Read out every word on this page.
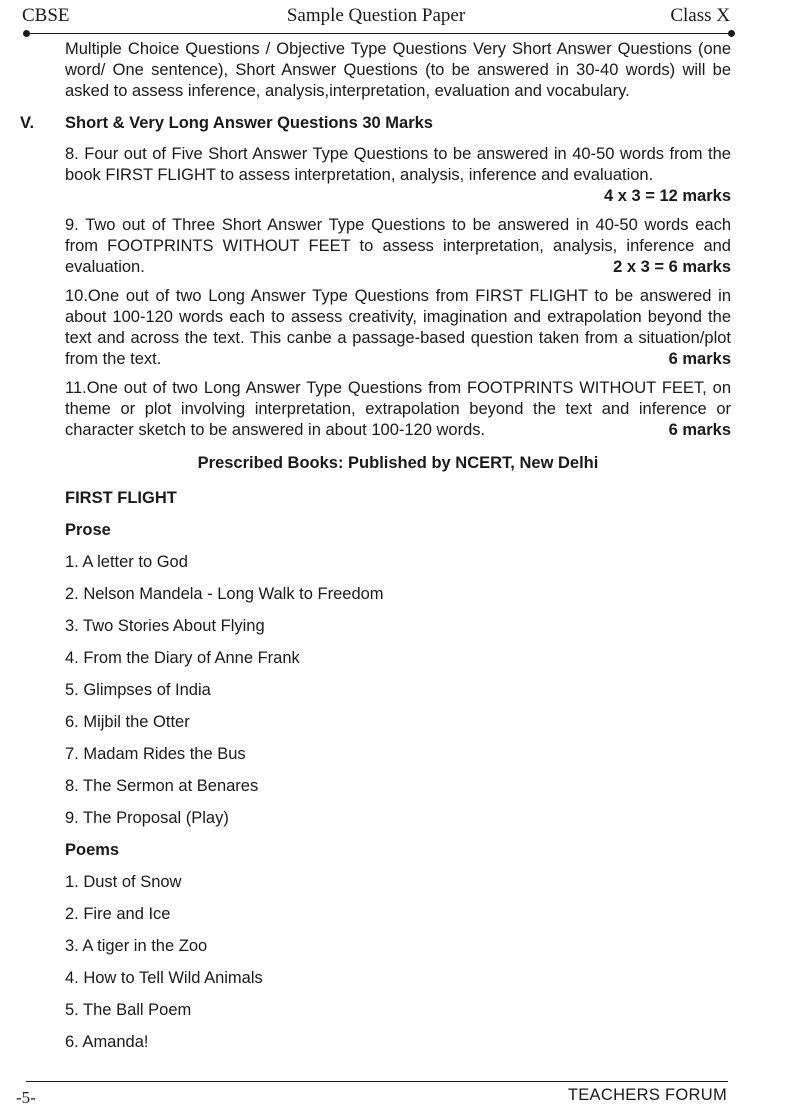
CBSE	Sample Question Paper	Class X

Multiple Choice Questions / Objective Type Questions Very Short Answer Questions (one word/ One sentence), Short Answer Questions (to be answered in 30-40 words) will be asked to assess inference, analysis,interpretation, evaluation and vocabulary.

V. Short & Very Long Answer Questions 30 Marks
8. Four out of Five Short Answer Type Questions to be answered in 40-50 words from the book FIRST FLIGHT to assess interpretation, analysis, inference and evaluation.
4 x 3 = 12 marks
2 x 3 = 6 marks
9. Two out of Three Short Answer Type Questions to be answered in 40-50 words each from FOOTPRINTS WITHOUT FEET to assess interpretation, analysis, inference and evaluation.
6 marks
10.One out of two Long Answer Type Questions from FIRST FLIGHT to be answered in about 100-120 words each to assess creativity, imagination and extrapolation beyond the text and across the text. This canbe a passage-based question taken from a situation/plot from the text.
6 marks
11.One out of two Long Answer Type Questions from FOOTPRINTS WITHOUT FEET, on theme or plot involving interpretation, extrapolation beyond the text and inference or character sketch to be answered in about 100-120 words.
Prescribed Books: Published by NCERT, New Delhi
FIRST FLIGHT
Prose
1. A letter to God
2. Nelson Mandela - Long Walk to Freedom
3. Two Stories About Flying
4. From the Diary of Anne Frank
5. Glimpses of India
6. Mijbil the Otter
7. Madam Rides the Bus
8. The Sermon at Benares
9. The Proposal (Play)
Poems
1. Dust of Snow
2. Fire and Ice
3. A tiger in the Zoo
4. How to Tell Wild Animals
5. The Ball Poem
6. Amanda!
-5-	TEACHERS FORUM
